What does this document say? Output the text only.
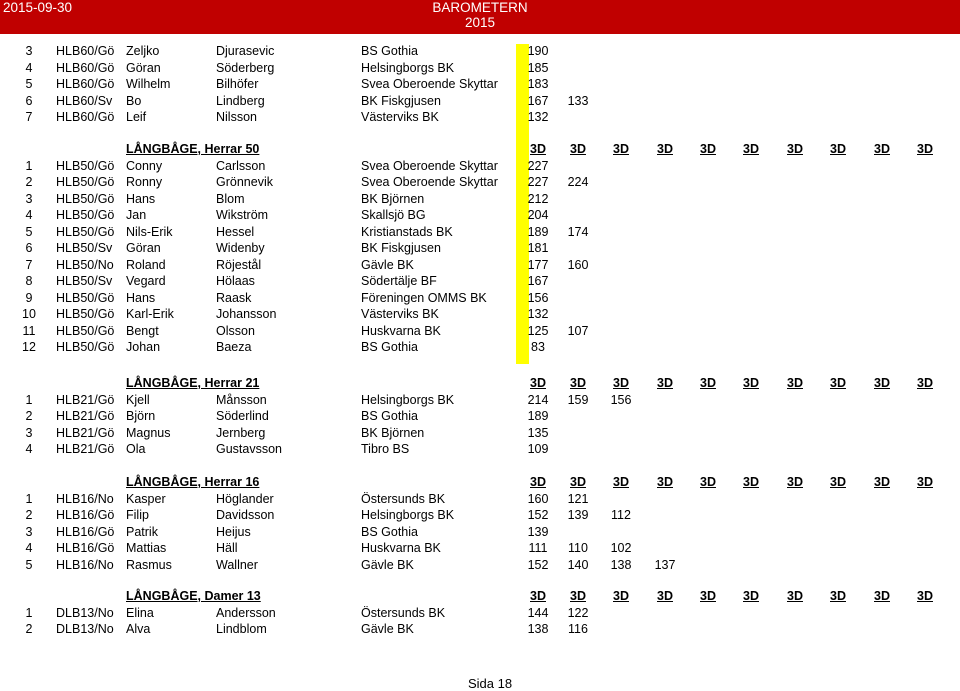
2015-09-30	BAROMETERN
2015
3	HLB60/Gö Zeljko	Djurasevic	BS Gothia	190
4	HLB60/Gö Göran	Söderberg	Helsingborgs BK	185
5	HLB60/Gö Wilhelm	Bilhöfer	Svea Oberoende Skyttar	183
6	HLB60/Sv Bo	Lindberg	BK Fiskgjusen	167	133
7	HLB60/Gö Leif	Nilsson	Västerviks BK	132
LÅNGBÅGE, Herrar 50	3D	3D	3D	3D	3D	3D	3D	3D	3D	3D
1	HLB50/Gö Conny	Carlsson	Svea Oberoende Skyttar	227
2	HLB50/Gö Ronny	Grönnevik	Svea Oberoende Skyttar	227	224
3	HLB50/Gö Hans	Blom	BK Björnen	212
4	HLB50/Gö Jan	Wikström	Skallsjö BG	204
5	HLB50/Gö Nils-Erik	Hessel	Kristianstads BK	189	174
6	HLB50/Sv Göran	Widenby	BK Fiskgjusen	181
7	HLB50/No Roland	Röjestål	Gävle BK	177	160
8	HLB50/Sv Vegard	Hölaas	Södertälje BF	167
9	HLB50/Gö Hans	Raask	Föreningen OMMS BK	156
10 HLB50/Gö Karl-Erik	Johansson	Västerviks BK	132
11 HLB50/Gö Bengt	Olsson	Huskvarna BK	125	107
12 HLB50/Gö Johan	Baeza	BS Gothia	83
LÅNGBÅGE, Herrar 21	3D	3D	3D	3D	3D	3D	3D	3D	3D	3D
1	HLB21/Gö Kjell	Månsson	Helsingborgs BK	214	159	156
2	HLB21/Gö Björn	Söderlind	BS Gothia	189
3	HLB21/Gö Magnus	Jernberg	BK Björnen	135
4	HLB21/Gö Ola	Gustavsson	Tibro BS	109
LÅNGBÅGE, Herrar 16	3D	3D	3D	3D	3D	3D	3D	3D	3D	3D
1	HLB16/No Kasper	Höglander	Östersunds BK	160	121
2	HLB16/Gö Filip	Davidsson	Helsingborgs BK	152	139	112
3	HLB16/Gö Patrik	Heijus	BS Gothia	139
4	HLB16/Gö Mattias	Häll	Huskvarna BK	111	110	102
5	HLB16/No Rasmus	Wallner	Gävle BK	152	140	138	137
LÅNGBÅGE, Damer 13	3D	3D	3D	3D	3D	3D	3D	3D	3D	3D
1	DLB13/No Elina	Andersson	Östersunds BK	144	122
2	DLB13/No Alva	Lindblom	Gävle BK	138	116
Sida 18
